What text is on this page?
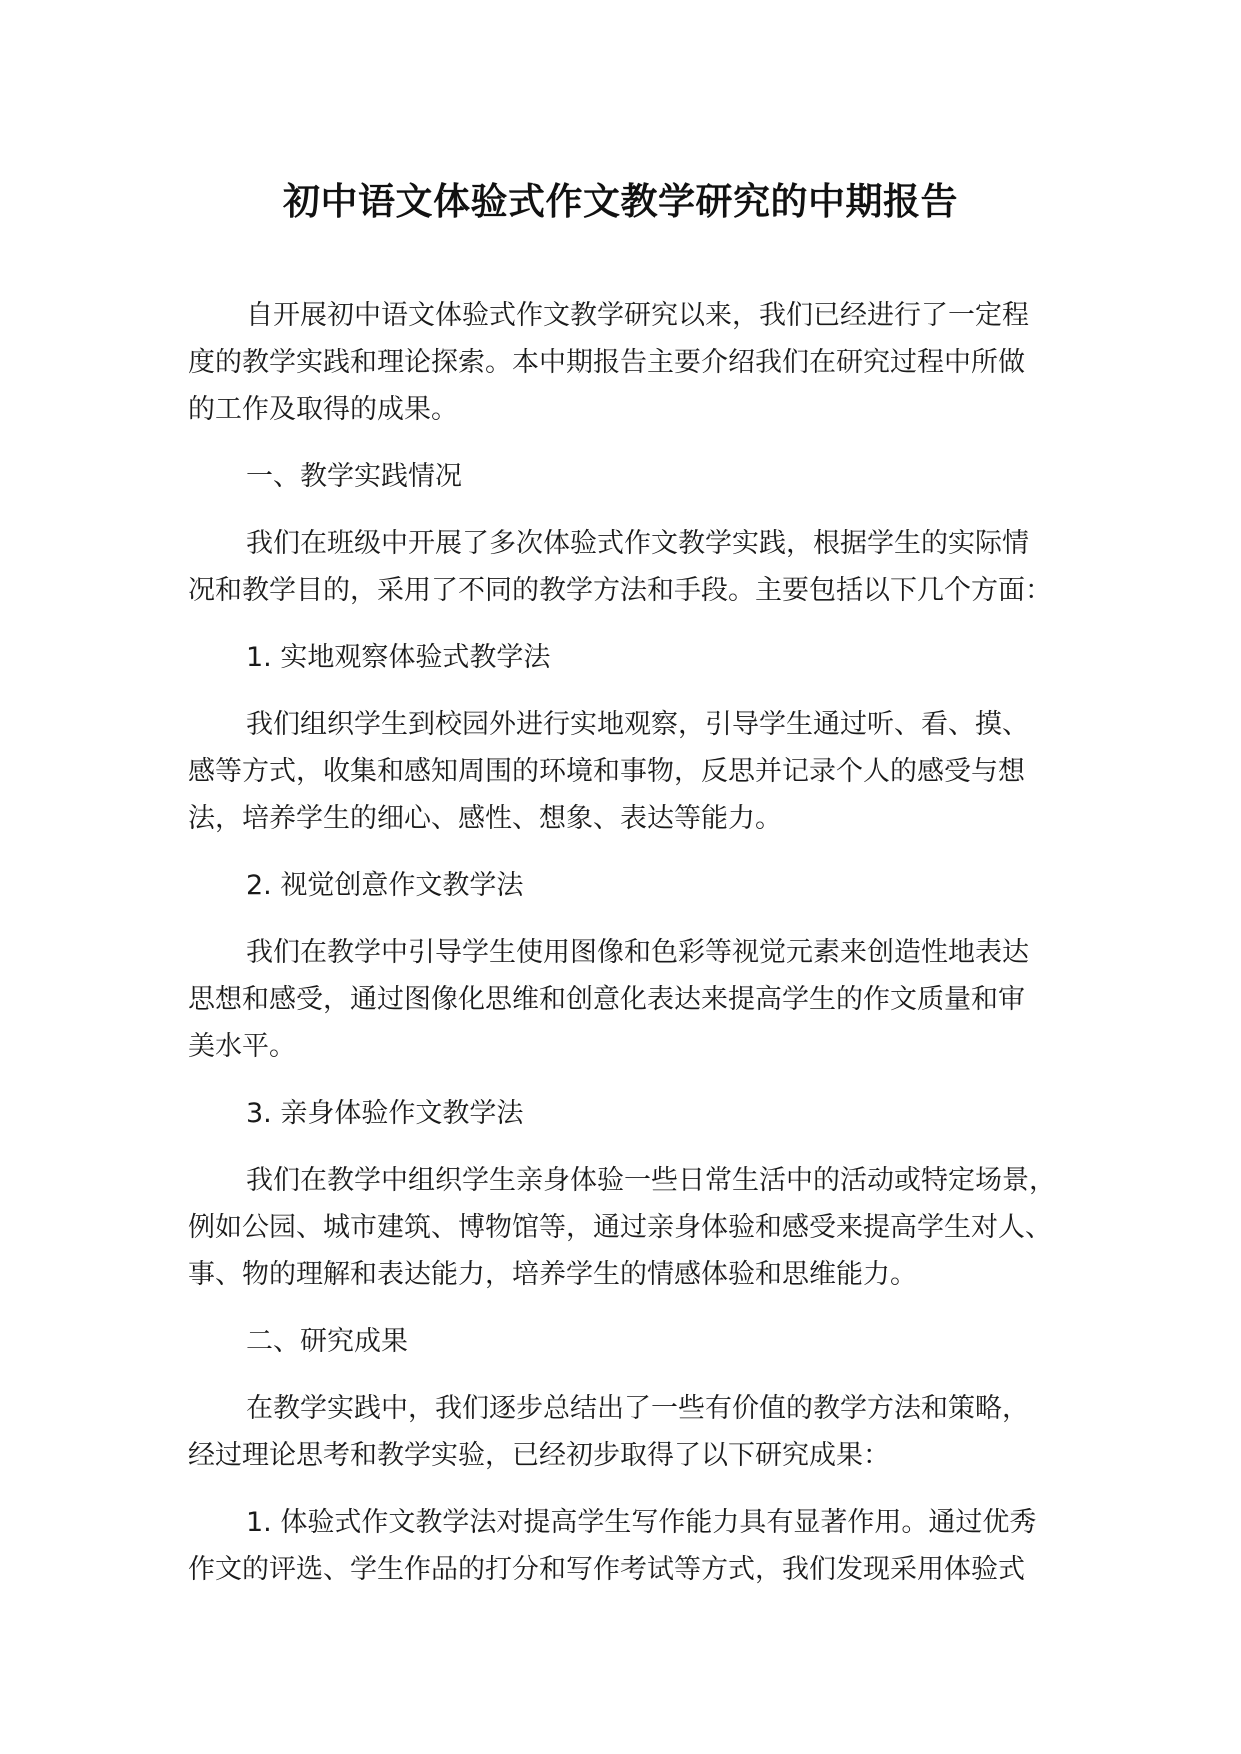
初中语文体验式作文教学研究的中期报告
自开展初中语文体验式作文教学研究以来，我们已经进行了一定程
度的教学实践和理论探索。本中期报告主要介绍我们在研究过程中所做
的工作及取得的成果。
一、教学实践情况
我们在班级中开展了多次体验式作文教学实践，根据学生的实际情
况和教学目的，采用了不同的教学方法和手段。主要包括以下几个方面：
1. 实地观察体验式教学法
我们组织学生到校园外进行实地观察，引导学生通过听、看、摸、
感等方式，收集和感知周围的环境和事物，反思并记录个人的感受与想
法，培养学生的细心、感性、想象、表达等能力。
2. 视觉创意作文教学法
我们在教学中引导学生使用图像和色彩等视觉元素来创造性地表达
思想和感受，通过图像化思维和创意化表达来提高学生的作文质量和审
美水平。
3. 亲身体验作文教学法
我们在教学中组织学生亲身体验一些日常生活中的活动或特定场景，
例如公园、城市建筑、博物馆等，通过亲身体验和感受来提高学生对人、
事、物的理解和表达能力，培养学生的情感体验和思维能力。
二、研究成果
在教学实践中，我们逐步总结出了一些有价值的教学方法和策略，
经过理论思考和教学实验，已经初步取得了以下研究成果：
1. 体验式作文教学法对提高学生写作能力具有显著作用。通过优秀
作文的评选、学生作品的打分和写作考试等方式，我们发现采用体验式
